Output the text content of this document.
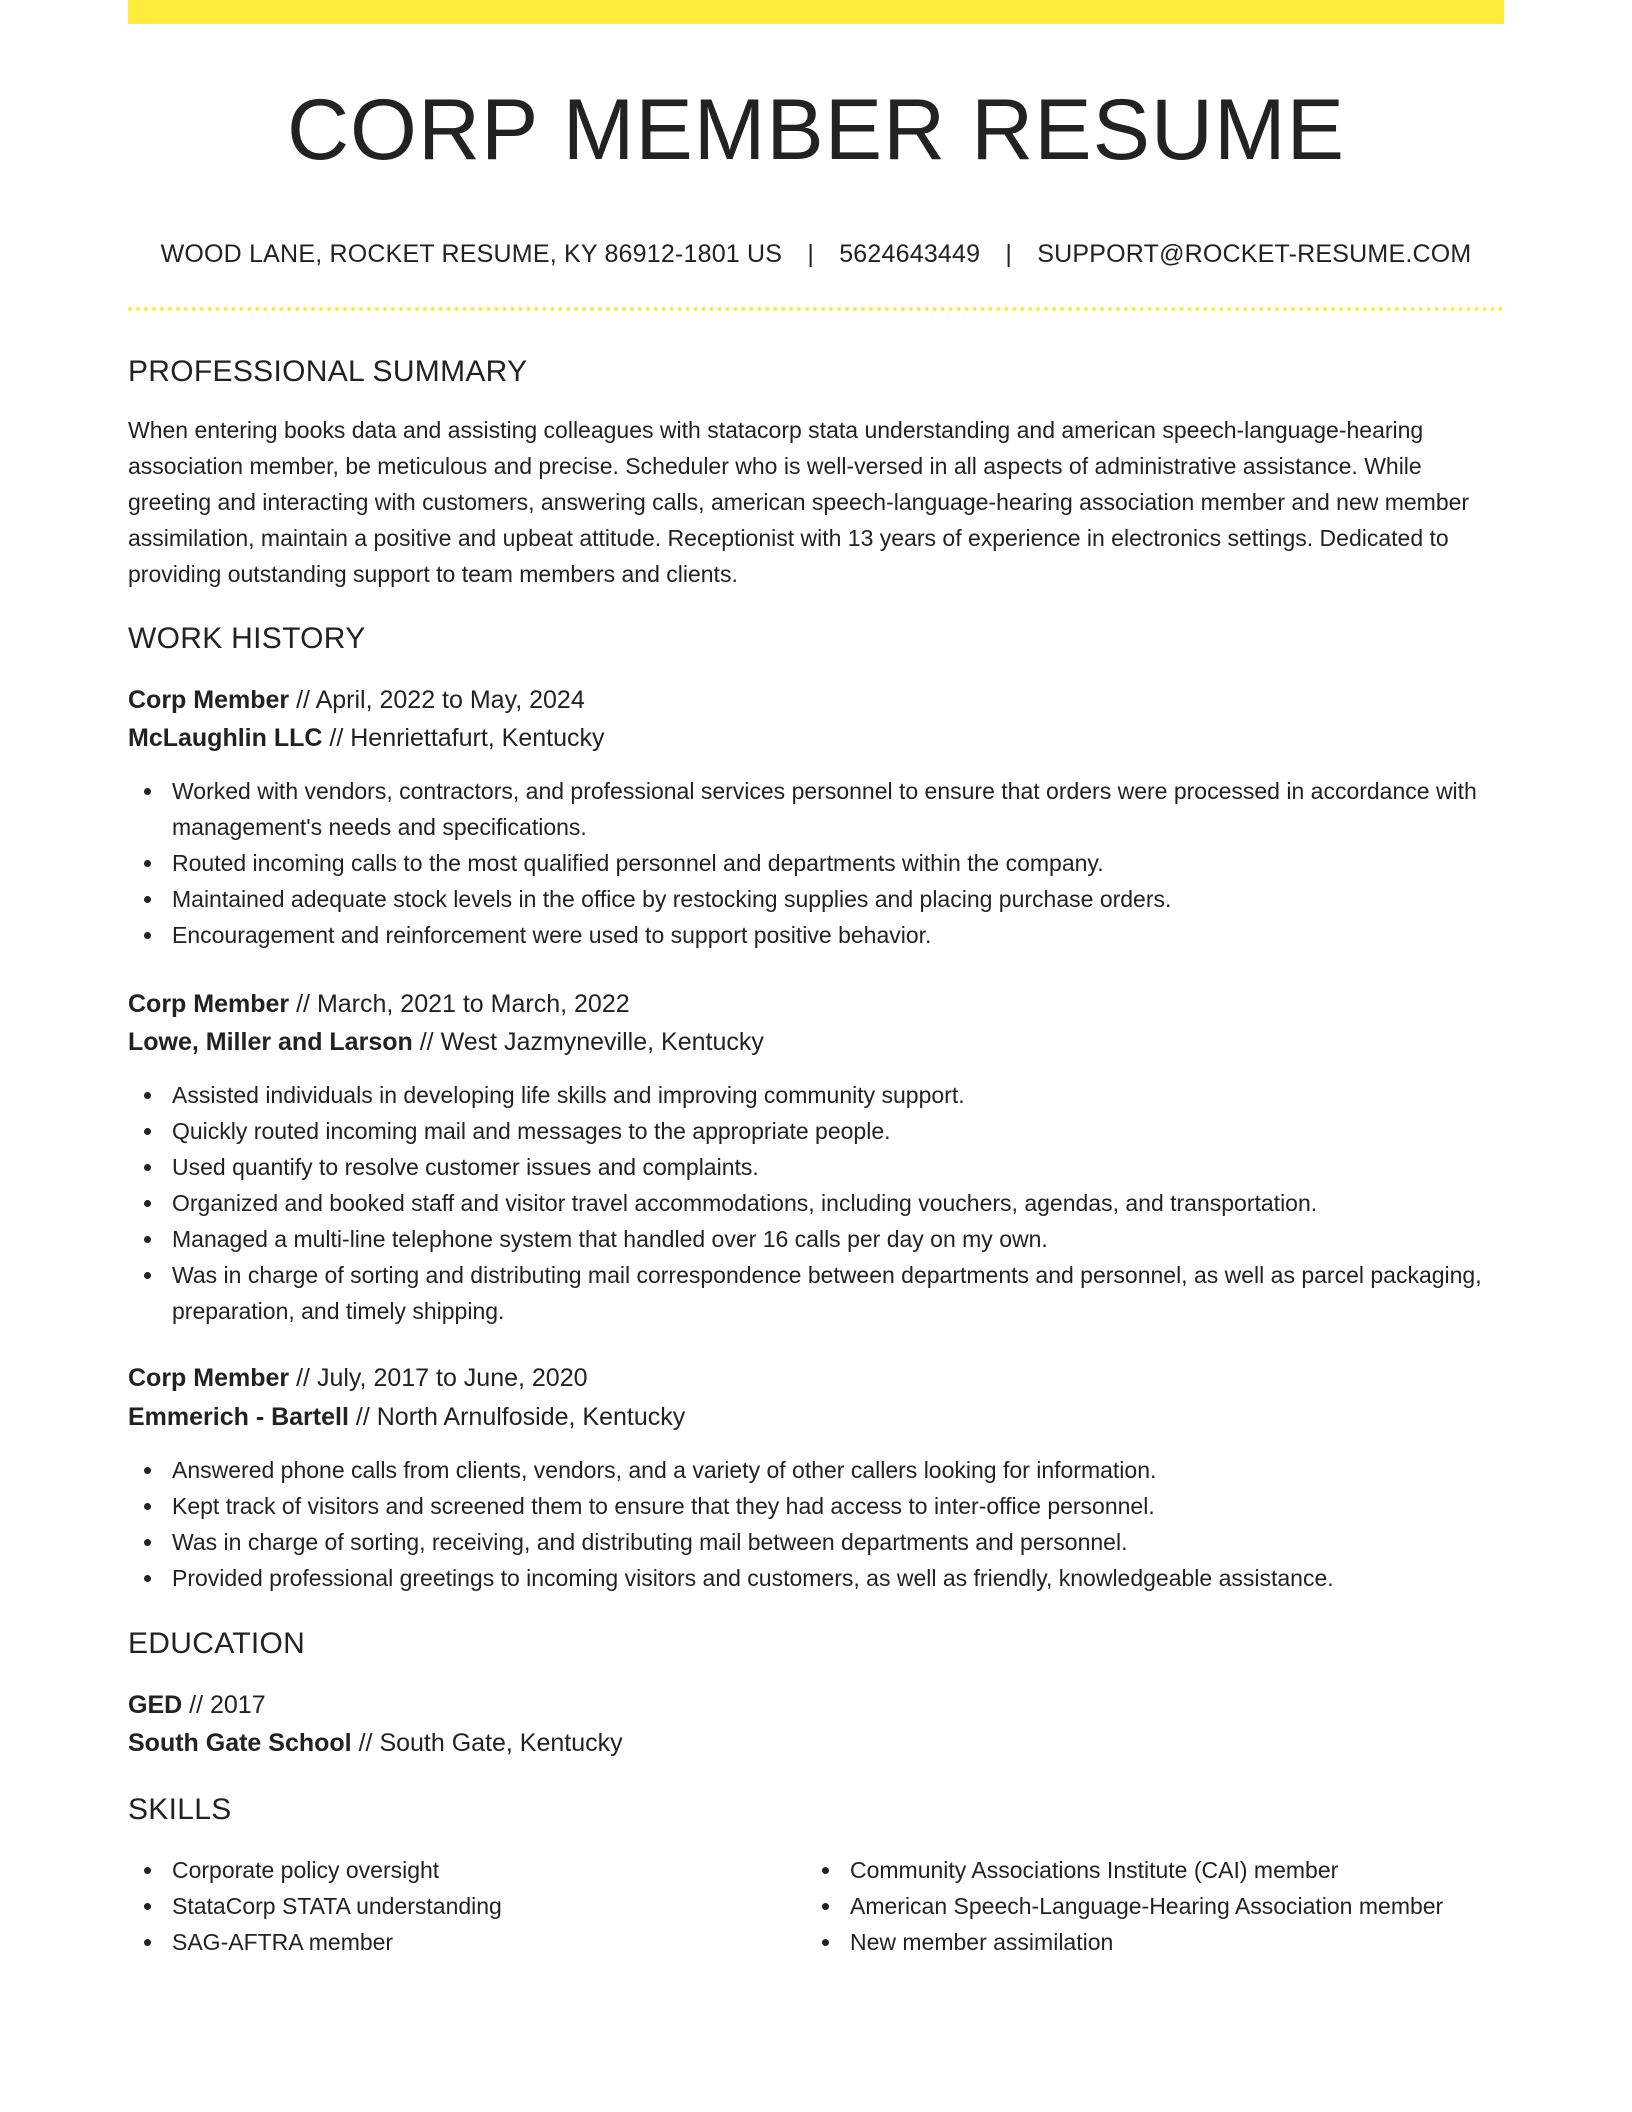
CORP MEMBER RESUME
WOOD LANE, ROCKET RESUME, KY 86912-1801 US | 5624643449 | SUPPORT@ROCKET-RESUME.COM
PROFESSIONAL SUMMARY

When entering books data and assisting colleagues with statacorp stata understanding and american speech-language-hearing association member, be meticulous and precise. Scheduler who is well-versed in all aspects of administrative assistance. While greeting and interacting with customers, answering calls, american speech-language-hearing association member and new member assimilation, maintain a positive and upbeat attitude. Receptionist with 13 years of experience in electronics settings. Dedicated to providing outstanding support to team members and clients.

WORK HISTORY
Corp Member // April, 2022 to May, 2024
McLaughlin LLC // Henriettafurt, Kentucky
Worked with vendors, contractors, and professional services personnel to ensure that orders were processed in accordance with management's needs and specifications.
Routed incoming calls to the most qualified personnel and departments within the company.
Maintained adequate stock levels in the office by restocking supplies and placing purchase orders.
Encouragement and reinforcement were used to support positive behavior.
Corp Member // March, 2021 to March, 2022
Lowe, Miller and Larson // West Jazmyneville, Kentucky
Assisted individuals in developing life skills and improving community support.
Quickly routed incoming mail and messages to the appropriate people.
Used quantify to resolve customer issues and complaints.
Organized and booked staff and visitor travel accommodations, including vouchers, agendas, and transportation.
Managed a multi-line telephone system that handled over 16 calls per day on my own.
Was in charge of sorting and distributing mail correspondence between departments and personnel, as well as parcel packaging, preparation, and timely shipping.
Corp Member // July, 2017 to June, 2020
Emmerich - Bartell // North Arnulfoside, Kentucky
Answered phone calls from clients, vendors, and a variety of other callers looking for information.
Kept track of visitors and screened them to ensure that they had access to inter-office personnel.
Was in charge of sorting, receiving, and distributing mail between departments and personnel.
Provided professional greetings to incoming visitors and customers, as well as friendly, knowledgeable assistance.
EDUCATION
GED // 2017
South Gate School // South Gate, Kentucky
SKILLS
Corporate policy oversight
StataCorp STATA understanding
SAG-AFTRA member
Community Associations Institute (CAI) member
American Speech-Language-Hearing Association member
New member assimilation
